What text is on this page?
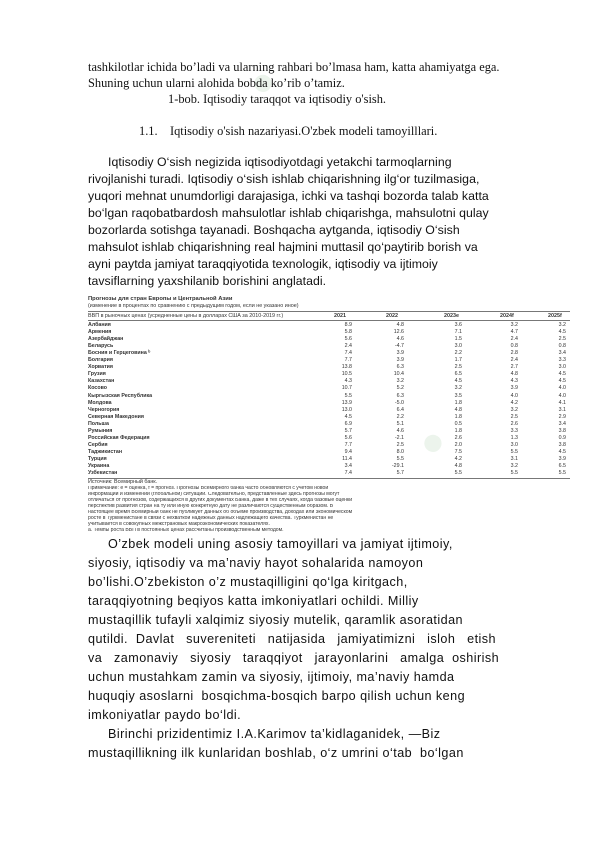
●
●
tashkilotlar ichida bo’ladi va ularning rahbari bo’lmasa ham, katta ahamiyatga ega.
Shuning uchun ularni alohida bobda ko’rib o’tamiz.
1-bob. Iqtisodiy taraqqot va iqtisodiy o'sish.
1.1.    Iqtisodiy o'sish nazariyasi.O'zbek modeli tamoyilllari.
Iqtisodiy O‘sish negizida iqtisodiyotdagi yetakchi tarmoqlarning
rivojlanishi turadi. Iqtisodiy o‘sish ishlab chiqarishning ilg‘or tuzilmasiga,
yuqori mehnat unumdorligi darajasiga, ichki va tashqi bozorda talab katta
bo‘lgan raqobatbardosh mahsulotlar ishlab chiqarishga, mahsulotni qulay
bozorlarda sotishga tayanadi. Boshqacha aytganda, iqtisodiy O‘sish
mahsulot ishlab chiqarishning real hajmini muttasil qo‘paytirib borish va
ayni paytda jamiyat taraqqiyotida texnologik, iqtisodiy va ijtimoiy
tavsiflarning yaxshilanib borishini anglatadi.
Прогнозы для стран Европы и Центральной Азии
(изменение в процентах по сравнению с предыдущим годом, если не указано иное)
ВВП в рыночных ценах (усредненные цены в долларах США за 2010-2019 гг.)	2021	2022	2023e	2024f	2025f
Албания	8.9	4.8	3.6	3.2	3.2
Армения	5.8	12.6	7.1	4.7	4.5
Азербайджан	5.6	4.6	1.5	2.4	2.5
Беларусь	2.4	-4.7	3.0	0.8	0.8
Босния и Герцеговина ᵇ	7.4	3.9	2.2	2.8	3.4
Болгария	7.7	3.9	1.7	2.4	3.3
Хорватия	13.8	6.3	2.5	2.7	3.0
Грузия	10.5	10.4	6.5	4.8	4.5
Казахстан	4.3	3.2	4.5	4.3	4.5
Косово	10.7	5.2	3.2	3.9	4.0
Кыргызская Республика	5.5	6.3	3.5	4.0	4.0
Молдова	13.9	-5.0	1.8	4.2	4.1
Черногория	13.0	6.4	4.8	3.2	3.1
Северная Македония	4.5	2.2	1.8	2.5	2.9
Польша	6.9	5.1	0.5	2.6	3.4
Румыния	5.7	4.6	1.8	3.3	3.8
Российская Федерация	5.6	-2.1	2.6	1.3	0.9
Сербия	7.7	2.5	2.0	3.0	3.8
Таджикистан	9.4	8.0	7.5	5.5	4.5
Турция	11.4	5.5	4.2	3.1	3.9
Украина	3.4	-29.1	4.8	3.2	6.5
Узбекистан	7.4	5.7	5.5	5.5	5.5
Источник: Всемирный банк.
Примечание: е = оценка, f = прогноз. Прогнозы Всемирного банка часто обновляются с учетом новой
информации и изменений (глобальной) ситуации. Следовательно, представленные здесь прогнозы могут
отличаться от прогнозов, содержащихся в других документах Банка, даже в тех случаях, когда базовые оценки
перспектив развития стран на ту или иную конкретную дату не различаются существенным образом. В
настоящее время Всемирный банк не публикует данных об объеме производства, доходах или экономическом
росте в Туркменистане в связи с нехваткой надежных данных надлежащего качества. Туркменистан не
учитывается в совокупных межстрановых макроэкономических показателях.
a. Темпы роста ВВП в постоянных ценах рассчитаны производственным методом.
O’zbek modeli uning asosiy tamoyillari va jamiyat ijtimoiy,
siyosiy, iqtisodiy va ma’naviy hayot sohalarida namoyon
bo’lishi.O’zbekiston o’z mustaqilligini qo‘lga kiritgach,
taraqqiyotning beqiyos katta imkoniyatlari ochildi. Milliy
mustaqillik tufayli xalqimiz siyosiy mutelik, qaramlik asoratidan
qutildi.  Davlat   suvereniteti   natijasida   jamiyatimizni   isloh   etish
va   zamonaviy   siyosiy   taraqqiyot   jarayonlarini   amalga  oshirish
uchun mustahkam zamin va siyosiy, ijtimoiy, ma’naviy hamda
huquqiy asoslarni  bosqichma-bosqich barpo qilish uchun keng
imkoniyatlar paydo bo‘ldi.
Birinchi prizidentimiz I.A.Karimov ta’kidlaganidek, —Biz
mustaqillikning ilk kunlaridan boshlab, o‘z umrini o‘tab  bo‘lgan
